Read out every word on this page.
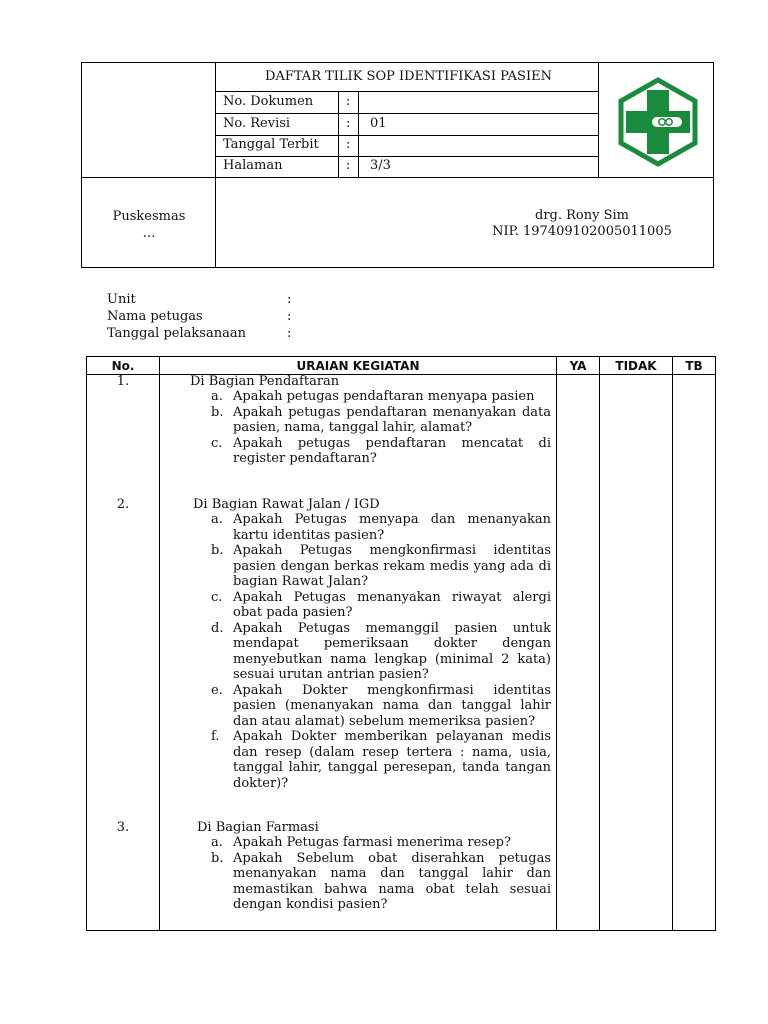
DAFTAR TILIK SOP IDENTIFIKASI PASIEN
No. Dokumen	:
No. Revisi	: 01
Tanggal Terbit :
Halaman	: 3/3
Puskesmas
…
drg. Rony Sim
NIP. 197409102005011005
Unit	:
Nama petugas	:
Tanggal pelaksanaan	:
No.	URAIAN KEGIATAN	YA	TIDAK	TB
1.	Di Bagian Pendaftaran
a. Apakah petugas pendaftaran menyapa pasien
b. Apakah petugas pendaftaran menanyakan data pasien, nama, tanggal lahir, alamat?
c. Apakah petugas pendaftaran mencatat di register pendaftaran?
2.	Di Bagian Rawat Jalan / IGD
a. Apakah Petugas menyapa dan menanyakan kartu identitas pasien?
b. Apakah Petugas mengkonfirmasi identitas pasien dengan berkas rekam medis yang ada di bagian Rawat Jalan?
c. Apakah Petugas menanyakan riwayat alergi obat pada pasien?
d. Apakah Petugas memanggil pasien untuk mendapat pemeriksaan dokter dengan menyebutkan nama lengkap (minimal 2 kata) sesuai urutan antrian pasien?
e. Apakah Dokter mengkonfirmasi identitas pasien (menanyakan nama dan tanggal lahir dan atau alamat) sebelum memeriksa pasien?
f. Apakah Dokter memberikan pelayanan medis dan resep (dalam resep tertera : nama, usia, tanggal lahir, tanggal peresepan, tanda tangan dokter)?
3.	Di Bagian Farmasi
a. Apakah Petugas farmasi menerima resep?
b. Apakah Sebelum obat diserahkan petugas menanyakan nama dan tanggal lahir dan memastikan bahwa nama obat telah sesuai dengan kondisi pasien?
